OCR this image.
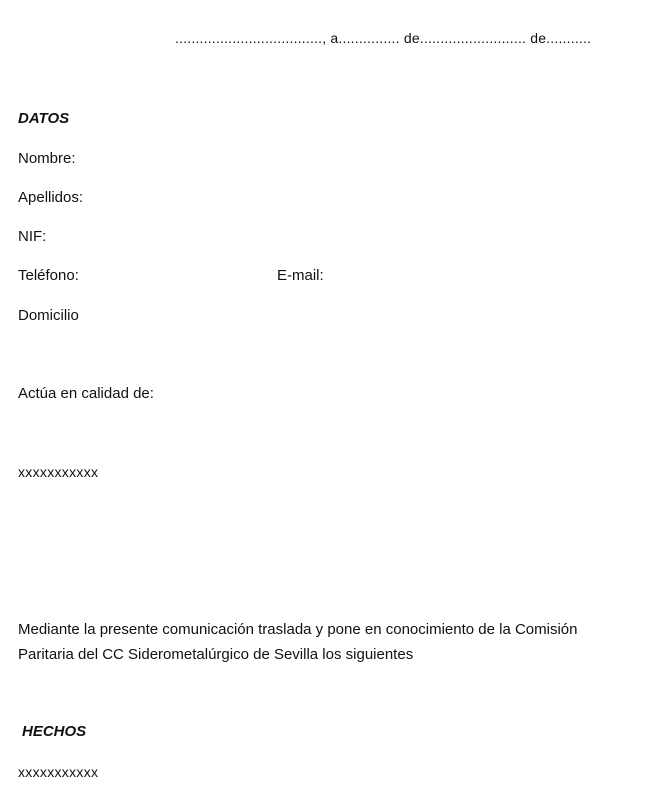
...................................., a............... de.......................... de...........
DATOS
Nombre:
Apellidos:
NIF:
Teléfono:	E-mail:
Domicilio
Actúa en calidad de:
xxxxxxxxxxx
Mediante la presente comunicación traslada y pone en conocimiento de la Comisión
Paritaria del CC Siderometalúrgico de Sevilla los siguientes
HECHOS
xxxxxxxxxxx
